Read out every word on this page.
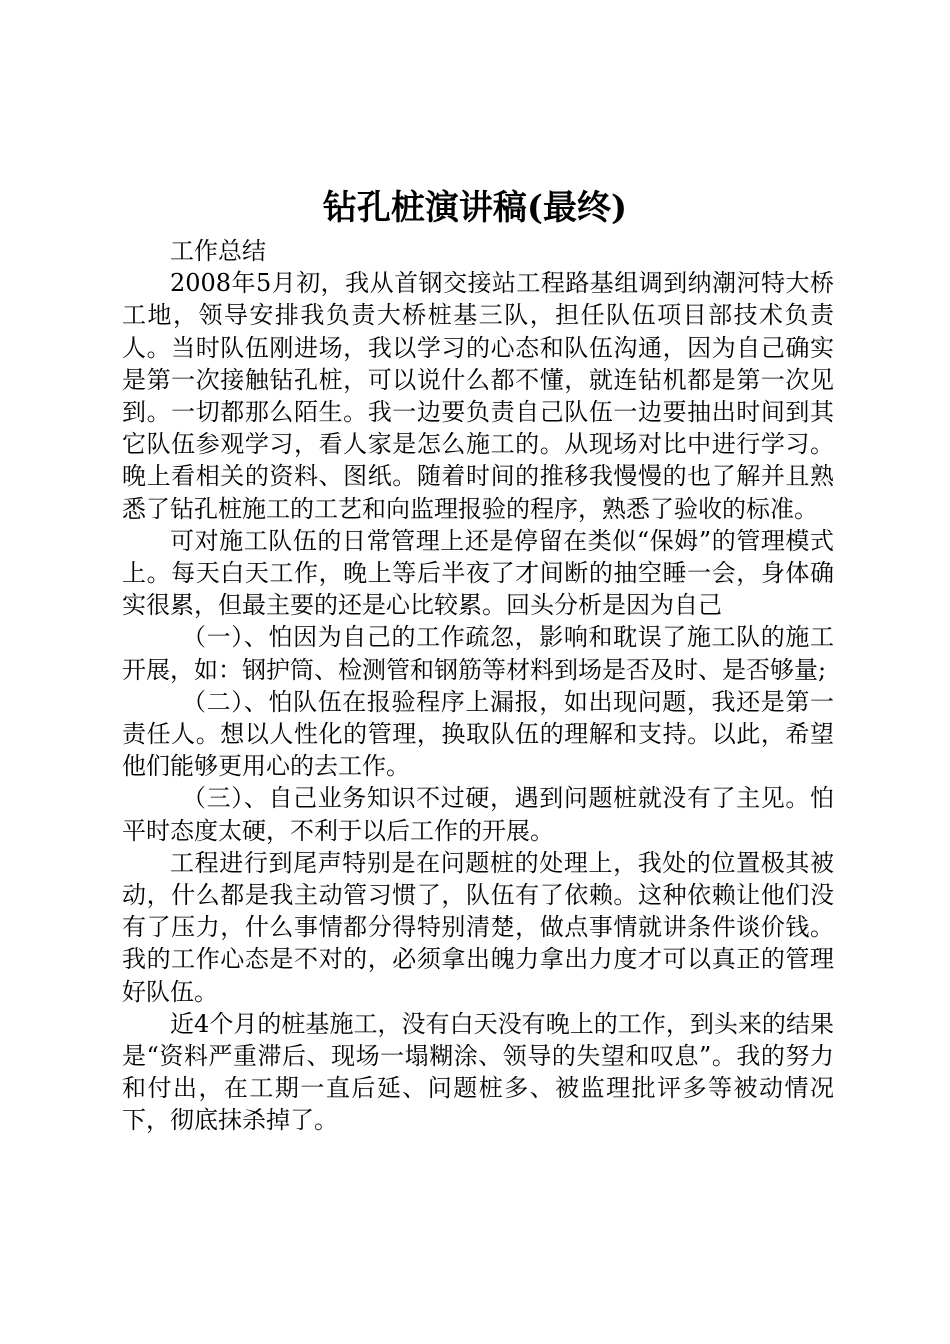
钻孔桩演讲稿(最终)

工作总结

2008年5月初，我从首钢交接站工程路基组调到纳潮河特大桥工地，领导安排我负责大桥桩基三队，担任队伍项目部技术负责人。当时队伍刚进场，我以学习的心态和队伍沟通，因为自己确实是第一次接触钻孔桩，可以说什么都不懂，就连钻机都是第一次见到。一切都那么陌生。我一边要负责自己队伍一边要抽出时间到其它队伍参观学习，看人家是怎么施工的。从现场对比中进行学习。晚上看相关的资料、图纸。随着时间的推移我慢慢的也了解并且熟悉了钻孔桩施工的工艺和向监理报验的程序，熟悉了验收的标准。

可对施工队伍的日常管理上还是停留在类似“保姆”的管理模式上。每天白天工作，晚上等后半夜了才间断的抽空睡一会，身体确实很累，但最主要的还是心比较累。回头分析是因为自己

（一）、怕因为自己的工作疏忽，影响和耽误了施工队的施工开展，如：钢护筒、检测管和钢筋等材料到场是否及时、是否够量;

（二）、怕队伍在报验程序上漏报，如出现问题，我还是第一责任人。想以人性化的管理，换取队伍的理解和支持。以此，希望他们能够更用心的去工作。

（三）、自己业务知识不过硬，遇到问题桩就没有了主见。怕平时态度太硬，不利于以后工作的开展。

工程进行到尾声特别是在问题桩的处理上，我处的位置极其被动，什么都是我主动管习惯了，队伍有了依赖。这种依赖让他们没有了压力，什么事情都分得特别清楚，做点事情就讲条件谈价钱。我的工作心态是不对的，必须拿出魄力拿出力度才可以真正的管理好队伍。

近4个月的桩基施工，没有白天没有晚上的工作，到头来的结果是“资料严重滞后、现场一塌糊涂、领导的失望和叹息”。我的努力和付出，在工期一直后延、问题桩多、被监理批评多等被动情况下，彻底抹杀掉了。
